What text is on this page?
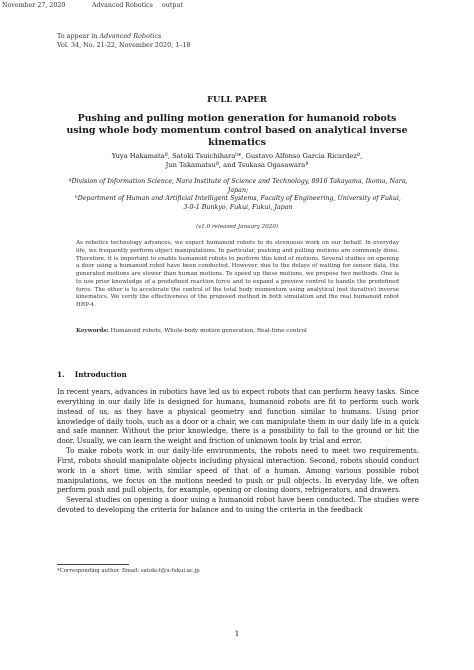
November 27, 2020	Advanced Robotics output
To appear in Advanced Robotics
Vol. 34, No. 21-22, November 2020, 1–18
FULL PAPER
Pushing and pulling motion generation for humanoid robots using whole body momentum control based on analytical inverse kinematics
Yuya Hakamataª, Satoki Tsuichiharaᵇ*, Gustavo Alfonso Garcia Ricardezª,
Jun Takamatsuª, and Tsukasa Ogasawaraª
ªDivision of Information Science, Nara Institute of Science and Technology, 8916 Takayama, Ikoma, Nara, Japan;
ᵇDepartment of Human and Artificial Intelligent Systems, Faculty of Engineering, University of Fukui,
3-9-1 Bunkyo, Fukui, Fukui, Japan
(v1.0 released January 2020)
As robotics technology advances, we expect humanoid robots to do strenuous work on our behalf. In everyday life, we frequently perform object manipulations. In particular, pushing and pulling motions are commonly done. Therefore, it is important to enable humanoid robots to perform this kind of motions. Several studies on opening a door using a humanoid robot have been conducted. However, due to the delays of waiting for sensor data, the generated motions are slower than human motions. To speed up these motions, we propose two methods. One is to use prior knowledge of a predefined reaction force and to expand a preview control to handle the predefined force. The other is to accelerate the control of the total body momentum using analytical (not iterative) inverse kinematics. We verify the effectiveness of the proposed method in both simulation and the real humanoid robot HRP-4.
Keywords: Humanoid robots, Whole-body motion generation, Real-time control
1. Introduction

In recent years, advances in robotics have led us to expect robots that can perform heavy tasks. Since everything in our daily life is designed for humans, humanoid robots are fit to perform such work instead of us, as they have a physical geometry and function similar to humans. Using prior knowledge of daily tools, such as a door or a chair, we can manipulate them in our daily life in a quick and safe manner. Without the prior knowledge, there is a possibility to fall to the ground or hit the door. Usually, we can learn the weight and friction of unknown tools by trial and error.

To make robots work in our daily-life environments, the robots need to meet two requirements. First, robots should manipulate objects including physical interaction. Second, robots should conduct work in a short time, with similar speed of that of a human. Among various possible robot manipulations, we focus on the motions needed to push or pull objects. In everyday life, we often perform push and pull objects, for example, opening or closing doors, refrigerators, and drawers.

Several studies on opening a door using a humanoid robot have been conducted. The studies were devoted to developing the criteria for balance and to using the criteria in the feedback

*Corresponding author. Email: satoki-t@u-fukui.ac.jp
1
